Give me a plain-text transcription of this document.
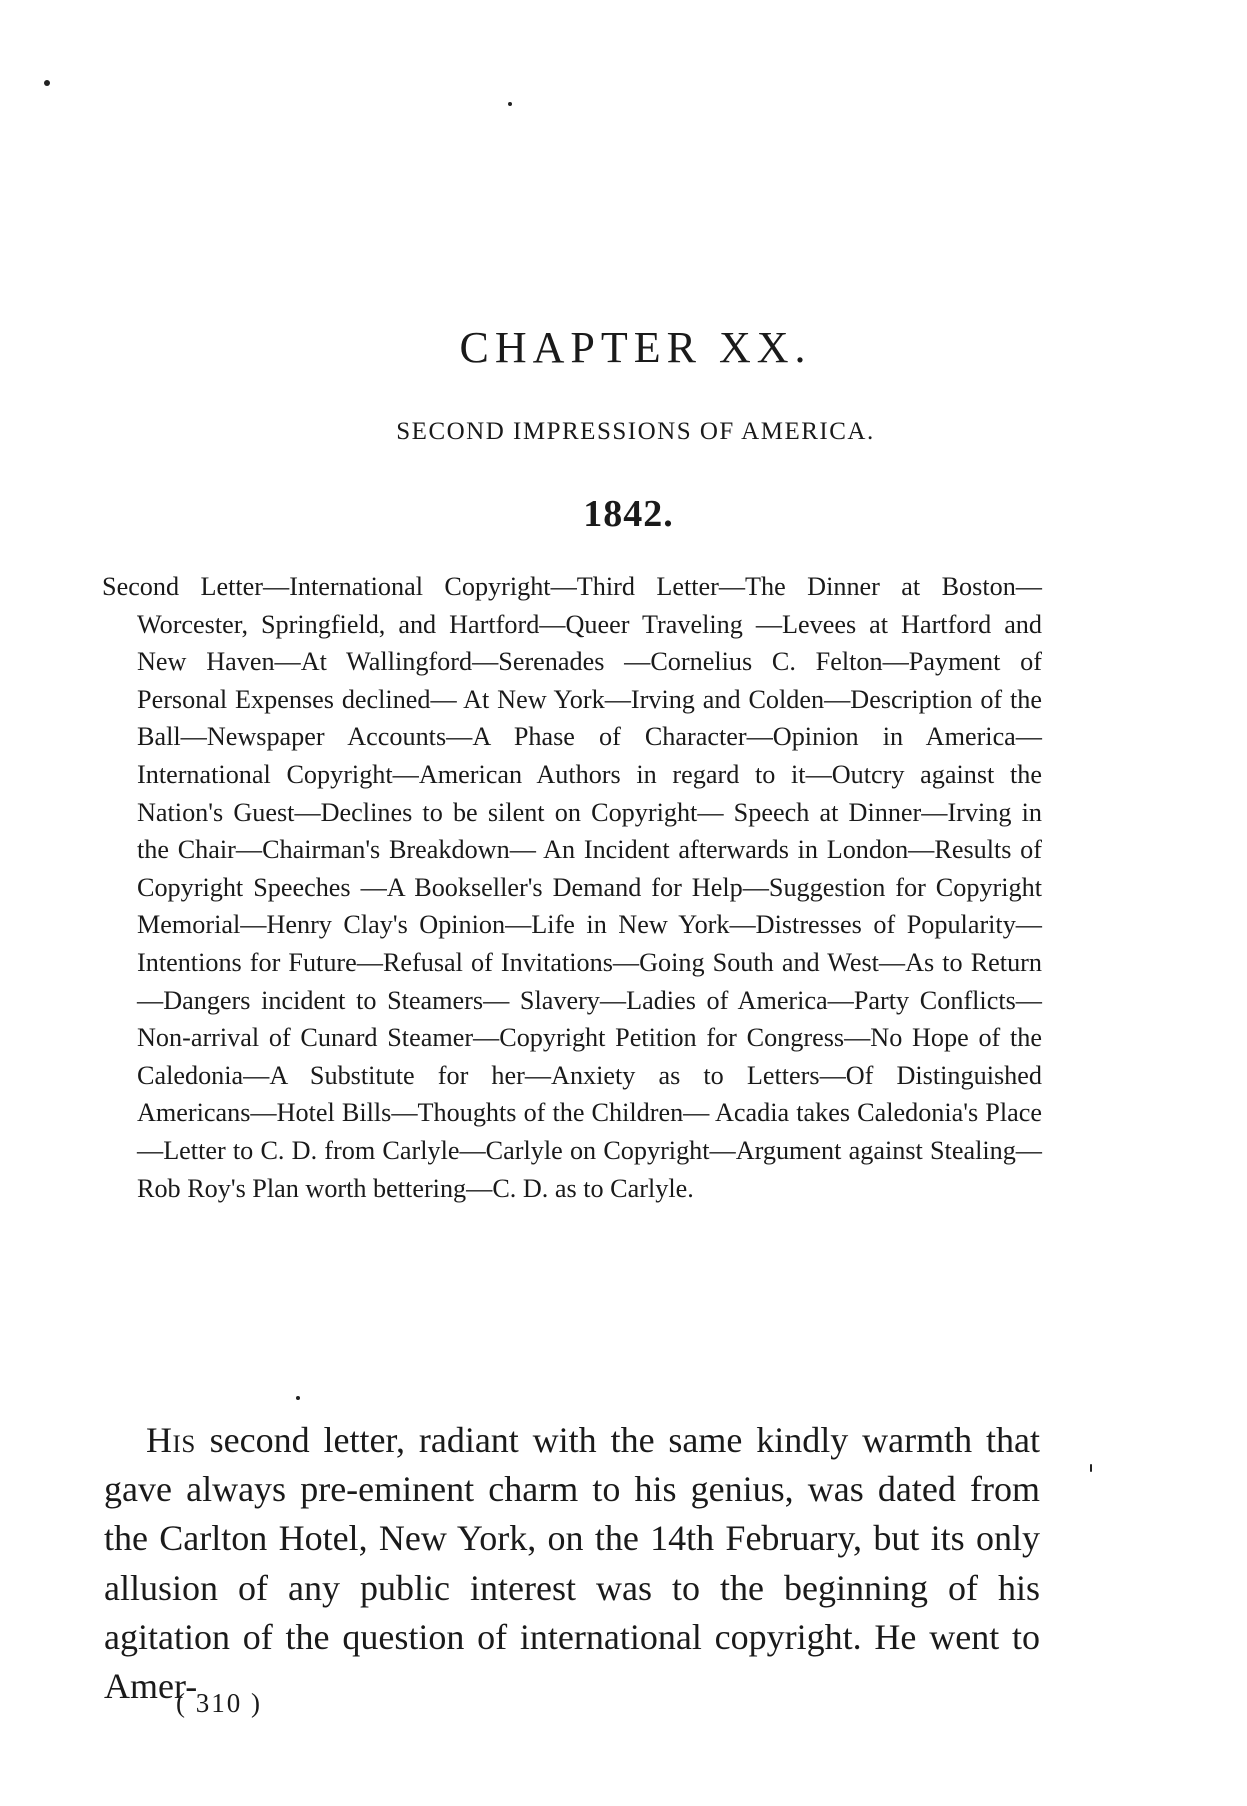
CHAPTER XX.
SECOND IMPRESSIONS OF AMERICA.
1842.

Second Letter—International Copyright—Third Letter—The Dinner at Boston—Worcester, Springfield, and Hartford—Queer Traveling —Levees at Hartford and New Haven—At Wallingford—Serenades —Cornelius C. Felton—Payment of Personal Expenses declined— At New York—Irving and Colden—Description of the Ball—Newspaper Accounts—A Phase of Character—Opinion in America—International Copyright—American Authors in regard to it—Outcry against the Nation's Guest—Declines to be silent on Copyright— Speech at Dinner—Irving in the Chair—Chairman's Breakdown— An Incident afterwards in London—Results of Copyright Speeches —A Bookseller's Demand for Help—Suggestion for Copyright Memorial—Henry Clay's Opinion—Life in New York—Distresses of Popularity—Intentions for Future—Refusal of Invitations—Going South and West—As to Return—Dangers incident to Steamers— Slavery—Ladies of America—Party Conflicts—Non-arrival of Cunard Steamer—Copyright Petition for Congress—No Hope of the Caledonia—A Substitute for her—Anxiety as to Letters—Of Distinguished Americans—Hotel Bills—Thoughts of the Children— Acadia takes Caledonia's Place—Letter to C. D. from Carlyle—Carlyle on Copyright—Argument against Stealing—Rob Roy's Plan worth bettering—C. D. as to Carlyle.

His second letter, radiant with the same kindly warmth that gave always pre-eminent charm to his genius, was dated from the Carlton Hotel, New York, on the 14th February, but its only allusion of any public interest was to the beginning of his agitation of the question of international copyright. He went to Amer-

( 310 )
